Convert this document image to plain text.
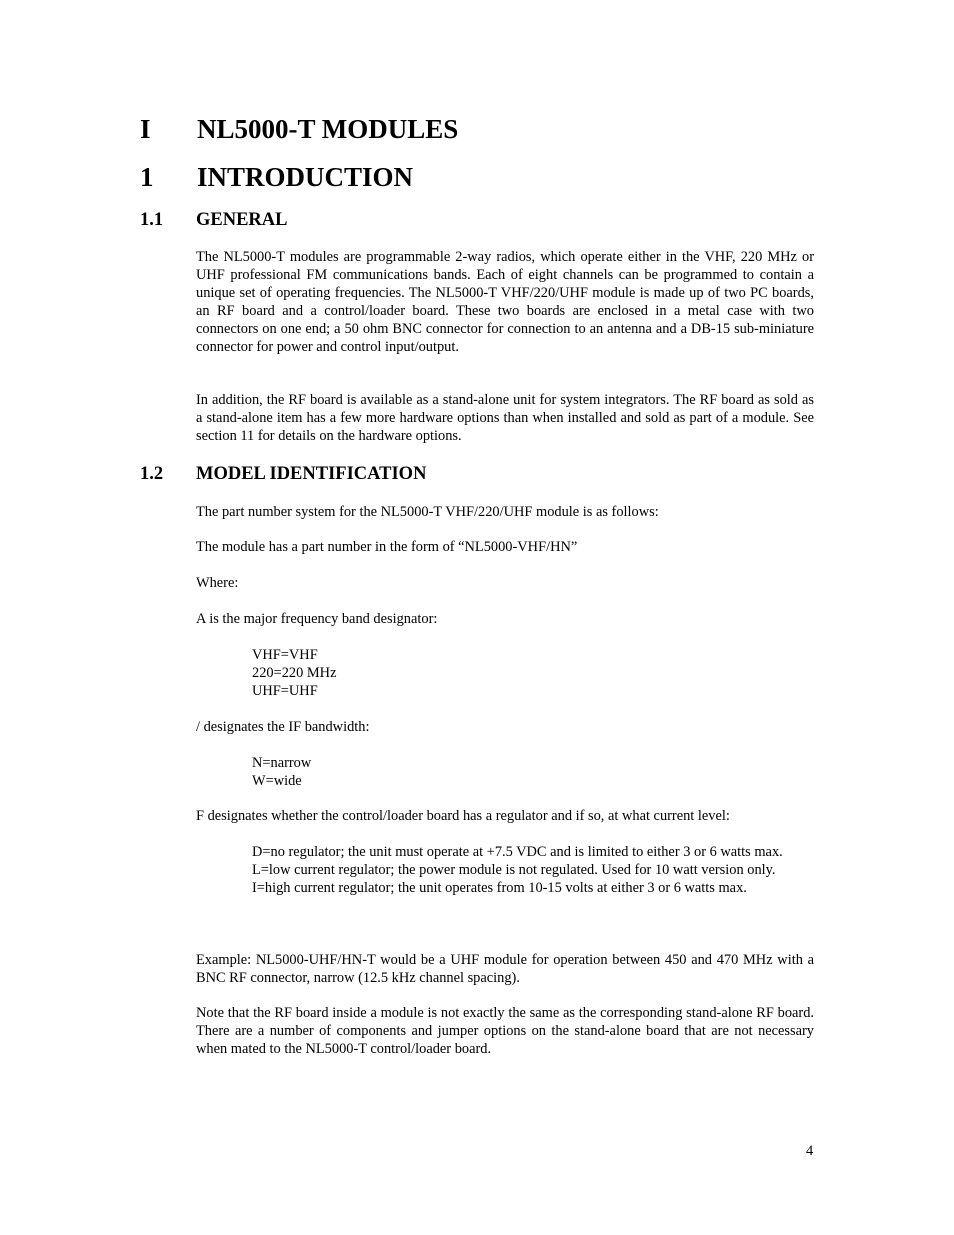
I NL5000-T MODULES
1 INTRODUCTION
1.1 GENERAL
The NL5000-T modules are programmable 2-way radios, which operate either in the VHF, 220 MHz or UHF professional FM communications bands. Each of eight channels can be programmed to contain a unique set of operating frequencies. The NL5000-T VHF/220/UHF module is made up of two PC boards, an RF board and a control/loader board. These two boards are enclosed in a metal case with two connectors on one end; a 50 ohm BNC connector for connection to an antenna and a DB-15 sub-miniature connector for power and control input/output.
In addition, the RF board is available as a stand-alone unit for system integrators. The RF board as sold as a stand-alone item has a few more hardware options than when installed and sold as part of a module. See section 11 for details on the hardware options.
1.2 MODEL IDENTIFICATION
The part number system for the NL5000-T VHF/220/UHF module is as follows:
The module has a part number in the form of “NL5000-VHF/HN”
Where:
A is the major frequency band designator:
VHF=VHF
220=220 MHz
UHF=UHF
/ designates the IF bandwidth:
N=narrow
W=wide
F designates whether the control/loader board has a regulator and if so, at what current level:
D=no regulator; the unit must operate at +7.5 VDC and is limited to either 3 or 6 watts max.
L=low current regulator; the power module is not regulated. Used for 10 watt version only.
I=high current regulator; the unit operates from 10-15 volts at either 3 or 6 watts max.
Example: NL5000-UHF/HN-T would be a UHF module for operation between 450 and 470 MHz with a BNC RF connector, narrow (12.5 kHz channel spacing).
Note that the RF board inside a module is not exactly the same as the corresponding stand-alone RF board. There are a number of components and jumper options on the stand-alone board that are not necessary when mated to the NL5000-T control/loader board.
4
